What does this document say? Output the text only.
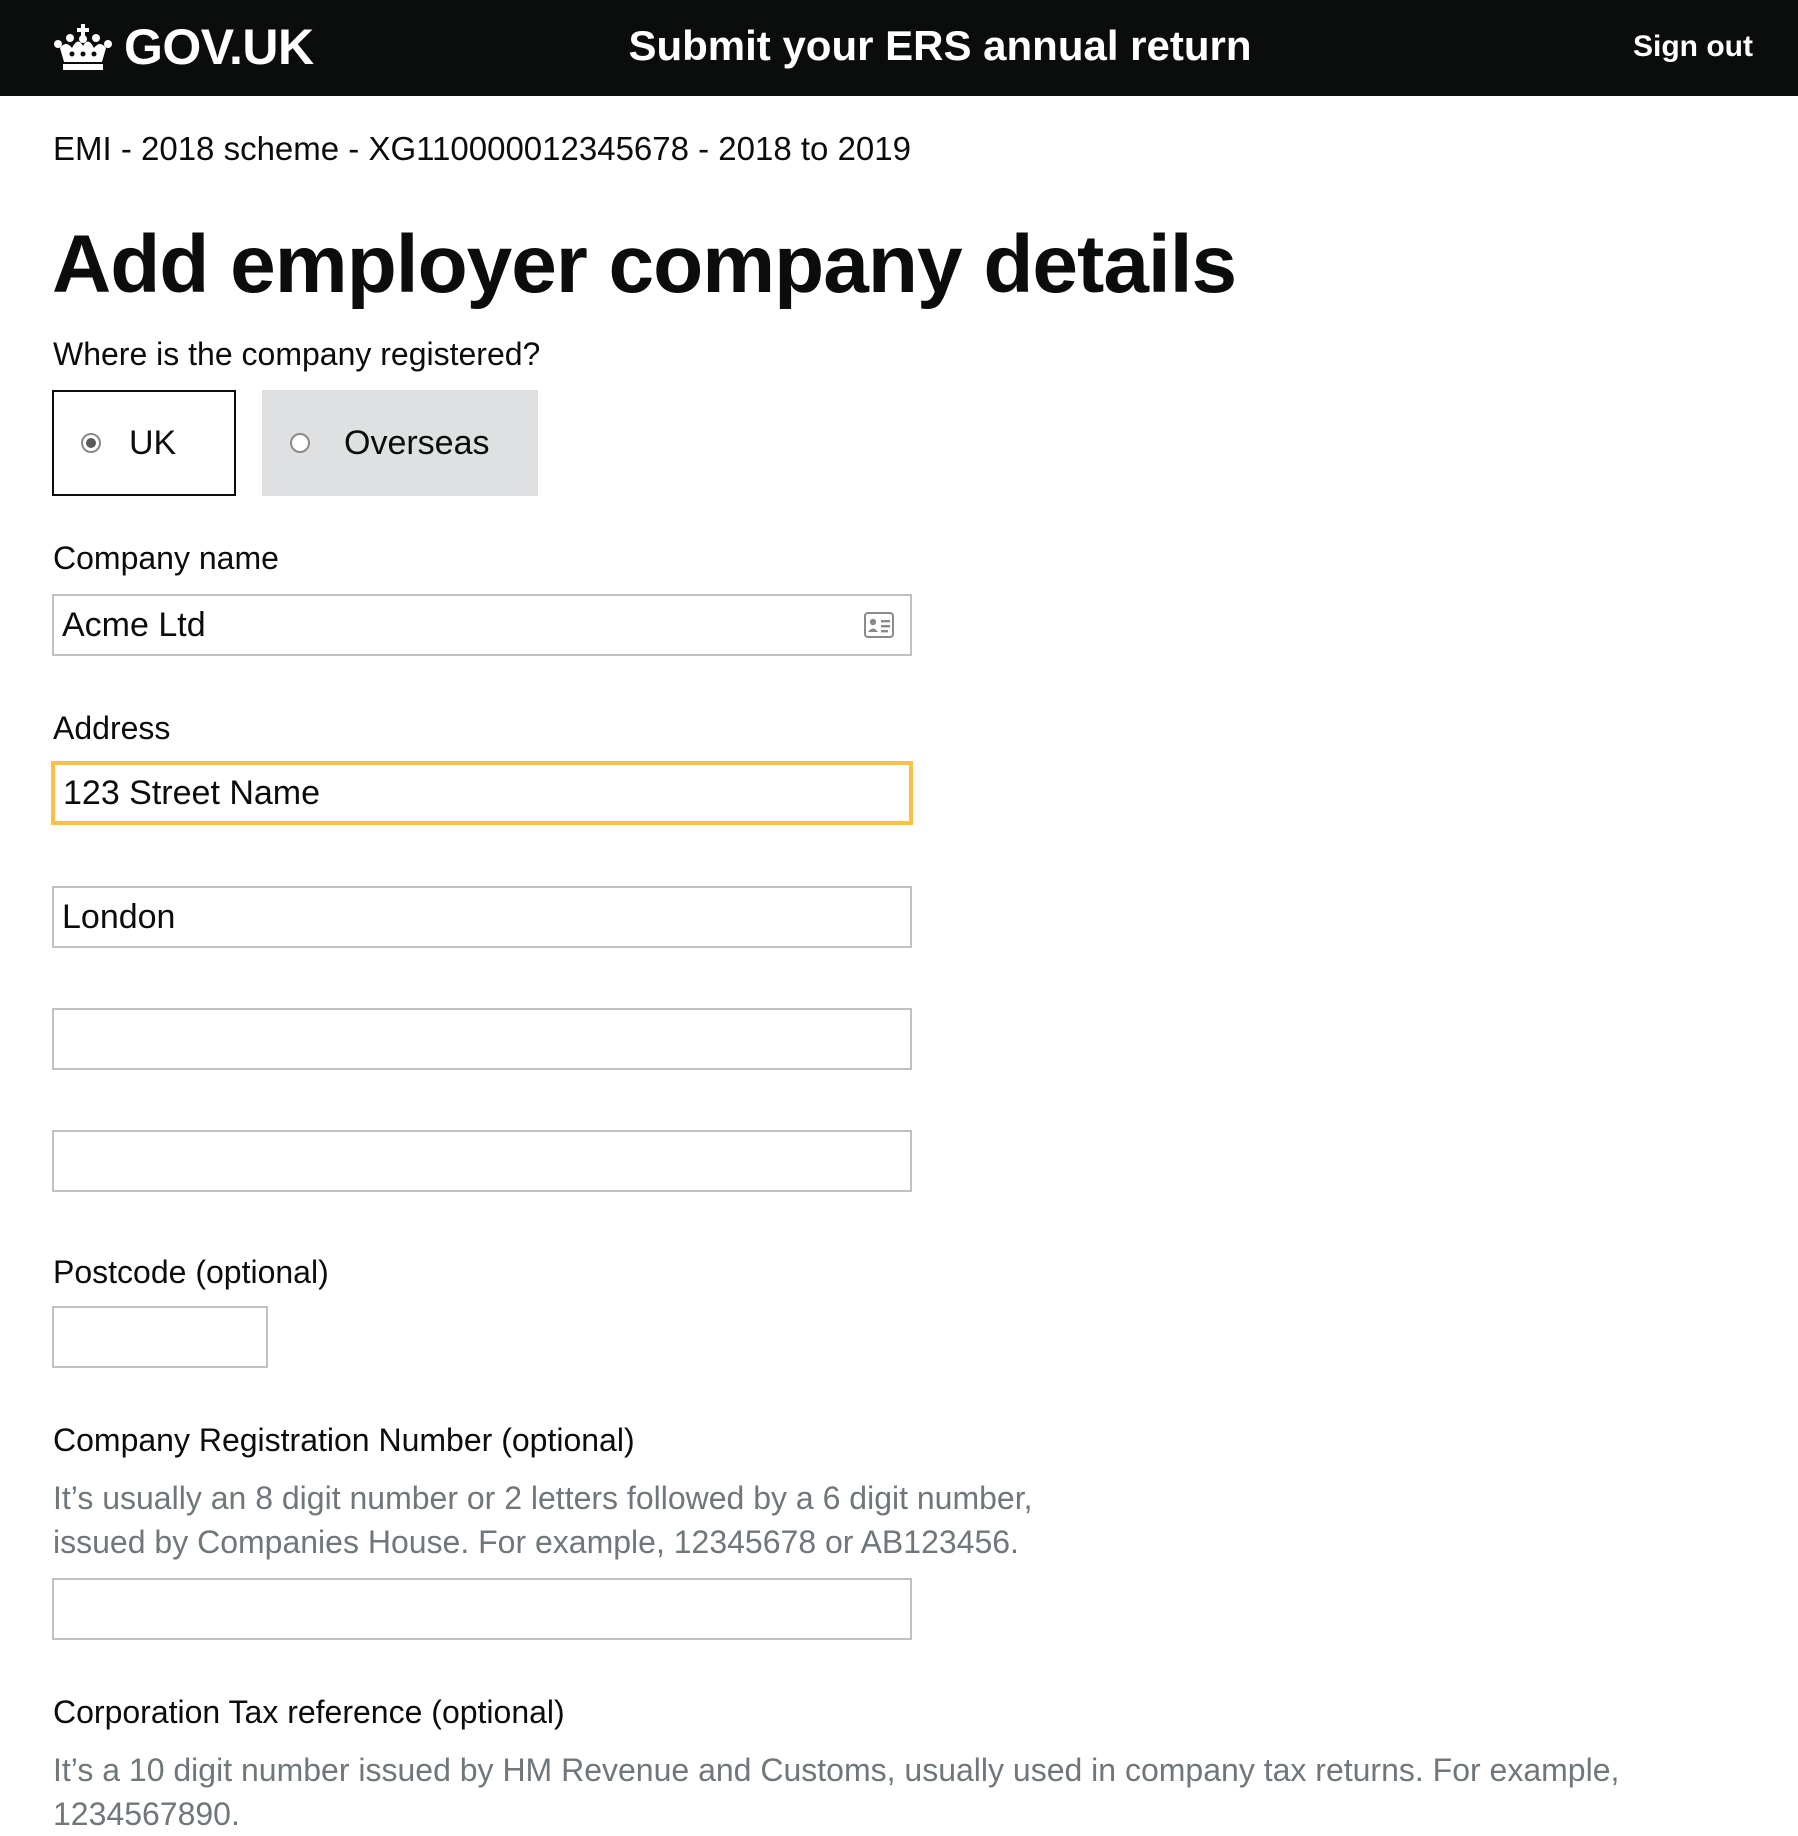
GOV.UK	Submit your ERS annual return	Sign out
EMI - 2018 scheme - XG110000012345678 - 2018 to 2019
Add employer company details
Where is the company registered?
UK	Overseas
Company name
Acme Ltd
Address
123 Street Name
London
Postcode (optional)
Company Registration Number (optional)
It’s usually an 8 digit number or 2 letters followed by a 6 digit number,
issued by Companies House. For example, 12345678 or AB123456.
Corporation Tax reference (optional)
It’s a 10 digit number issued by HM Revenue and Customs, usually used in company tax returns. For example,
1234567890.
